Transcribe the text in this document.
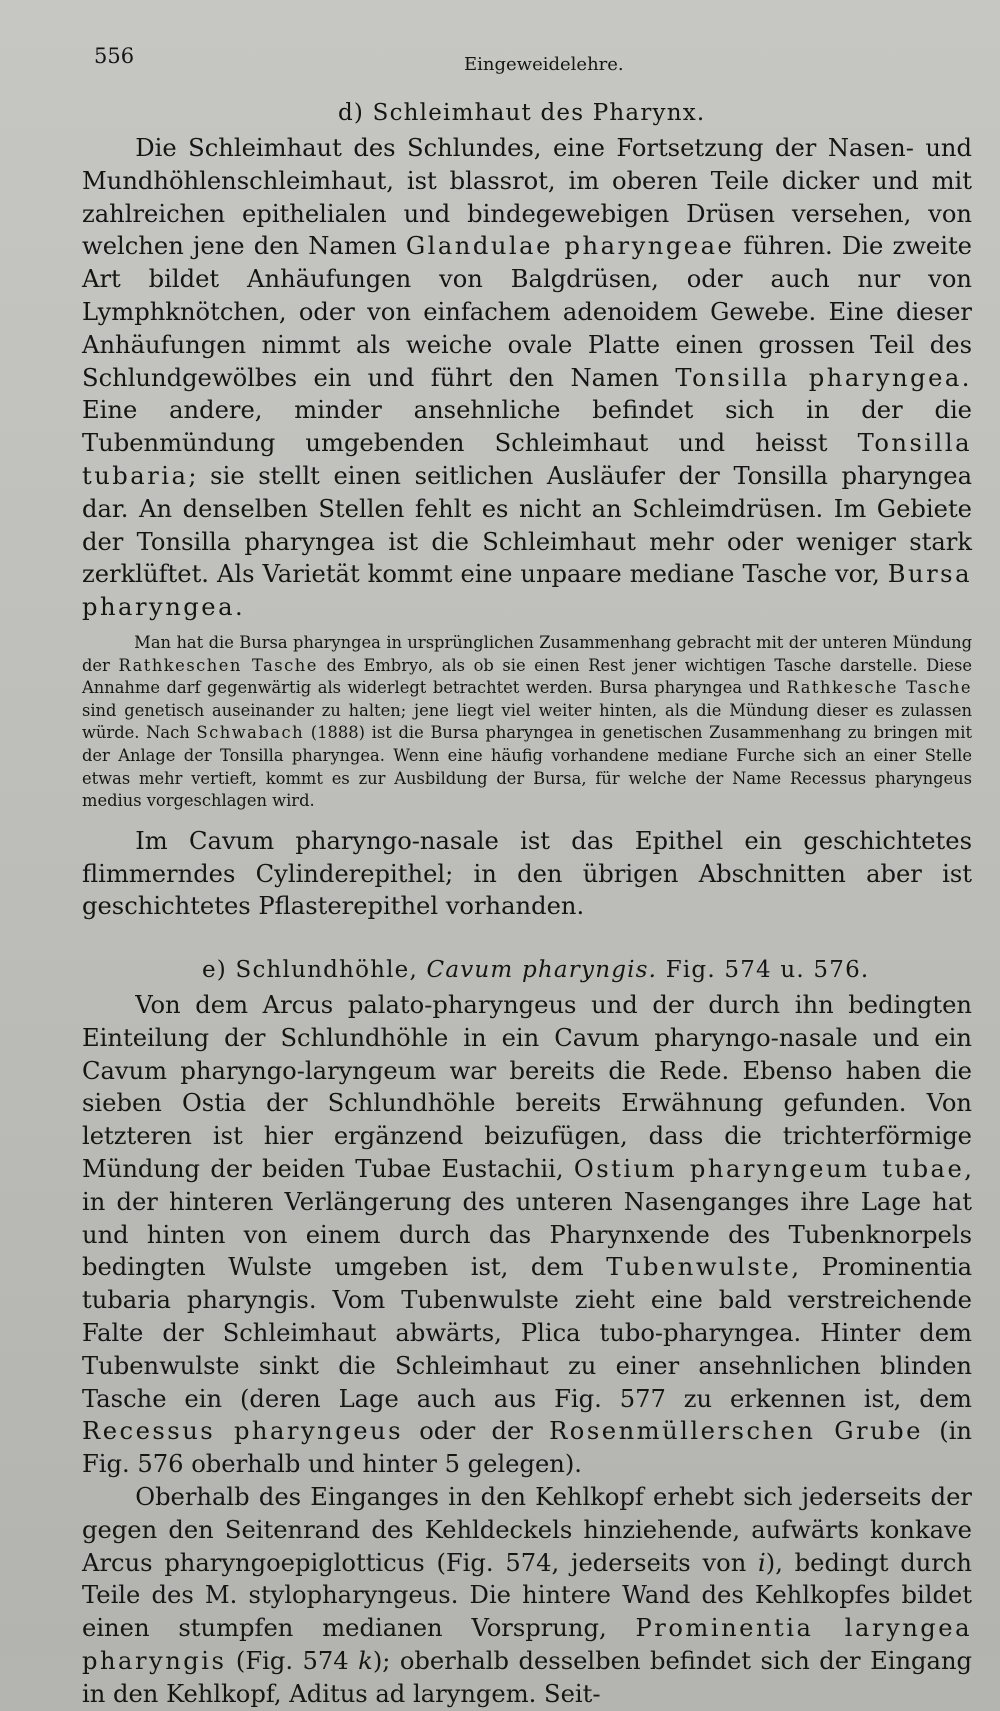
556	Eingeweidelehre.
d) Schleimhaut des Pharynx.

Die Schleimhaut des Schlundes, eine Fortsetzung der Nasen- und Mundhöhlenschleimhaut, ist blassrot, im oberen Teile dicker und mit zahlreichen epithelialen und bindegewebigen Drüsen versehen, von welchen jene den Namen Glandulae pharyngeae führen. Die zweite Art bildet Anhäufungen von Balgdrüsen, oder auch nur von Lymphknötchen, oder von einfachem adenoidem Gewebe. Eine dieser Anhäufungen nimmt als weiche ovale Platte einen grossen Teil des Schlundgewölbes ein und führt den Namen Tonsilla pharyngea. Eine andere, minder ansehnliche befindet sich in der die Tubenmündung umgebenden Schleimhaut und heisst Tonsilla tubaria; sie stellt einen seitlichen Ausläufer der Tonsilla pharyngea dar. An denselben Stellen fehlt es nicht an Schleimdrüsen. Im Gebiete der Tonsilla pharyngea ist die Schleimhaut mehr oder weniger stark zerklüftet. Als Varietät kommt eine unpaare mediane Tasche vor, Bursa pharyngea.

Man hat die Bursa pharyngea in ursprünglichen Zusammenhang gebracht mit der unteren Mündung der Rathkeschen Tasche des Embryo, als ob sie einen Rest jener wichtigen Tasche darstelle. Diese Annahme darf gegenwärtig als widerlegt betrachtet werden. Bursa pharyngea und Rathkesche Tasche sind genetisch auseinander zu halten; jene liegt viel weiter hinten, als die Mündung dieser es zulassen würde. Nach Schwabach (1888) ist die Bursa pharyngea in genetischen Zusammenhang zu bringen mit der Anlage der Tonsilla pharyngea. Wenn eine häufig vorhandene mediane Furche sich an einer Stelle etwas mehr vertieft, kommt es zur Ausbildung der Bursa, für welche der Name Recessus pharyngeus medius vorgeschlagen wird.

Im Cavum pharyngo-nasale ist das Epithel ein geschichtetes flimmerndes Cylinderepithel; in den übrigen Abschnitten aber ist geschichtetes Pflasterepithel vorhanden.

e) Schlundhöhle, Cavum pharyngis. Fig. 574 u. 576.

Von dem Arcus palato-pharyngeus und der durch ihn bedingten Einteilung der Schlundhöhle in ein Cavum pharyngo-nasale und ein Cavum pharyngo-laryngeum war bereits die Rede. Ebenso haben die sieben Ostia der Schlundhöhle bereits Erwähnung gefunden. Von letzteren ist hier ergänzend beizufügen, dass die trichterförmige Mündung der beiden Tubae Eustachii, Ostium pharyngeum tubae, in der hinteren Verlängerung des unteren Nasenganges ihre Lage hat und hinten von einem durch das Pharynxende des Tubenknorpels bedingten Wulste umgeben ist, dem Tubenwulste, Prominentia tubaria pharyngis. Vom Tubenwulste zieht eine bald verstreichende Falte der Schleimhaut abwärts, Plica tubo-pharyngea. Hinter dem Tubenwulste sinkt die Schleimhaut zu einer ansehnlichen blinden Tasche ein (deren Lage auch aus Fig. 577 zu erkennen ist, dem Recessus pharyngeus oder der Rosenmüllerschen Grube (in Fig. 576 oberhalb und hinter 5 gelegen).

Oberhalb des Einganges in den Kehlkopf erhebt sich jederseits der gegen den Seitenrand des Kehldeckels hinziehende, aufwärts konkave Arcus pharyngoepiglotticus (Fig. 574, jederseits von i), bedingt durch Teile des M. stylopharyngeus. Die hintere Wand des Kehlkopfes bildet einen stumpfen medianen Vorsprung, Prominentia laryngea pharyngis (Fig. 574 k); oberhalb desselben befindet sich der Eingang in den Kehlkopf, Aditus ad laryngem. Seit-
